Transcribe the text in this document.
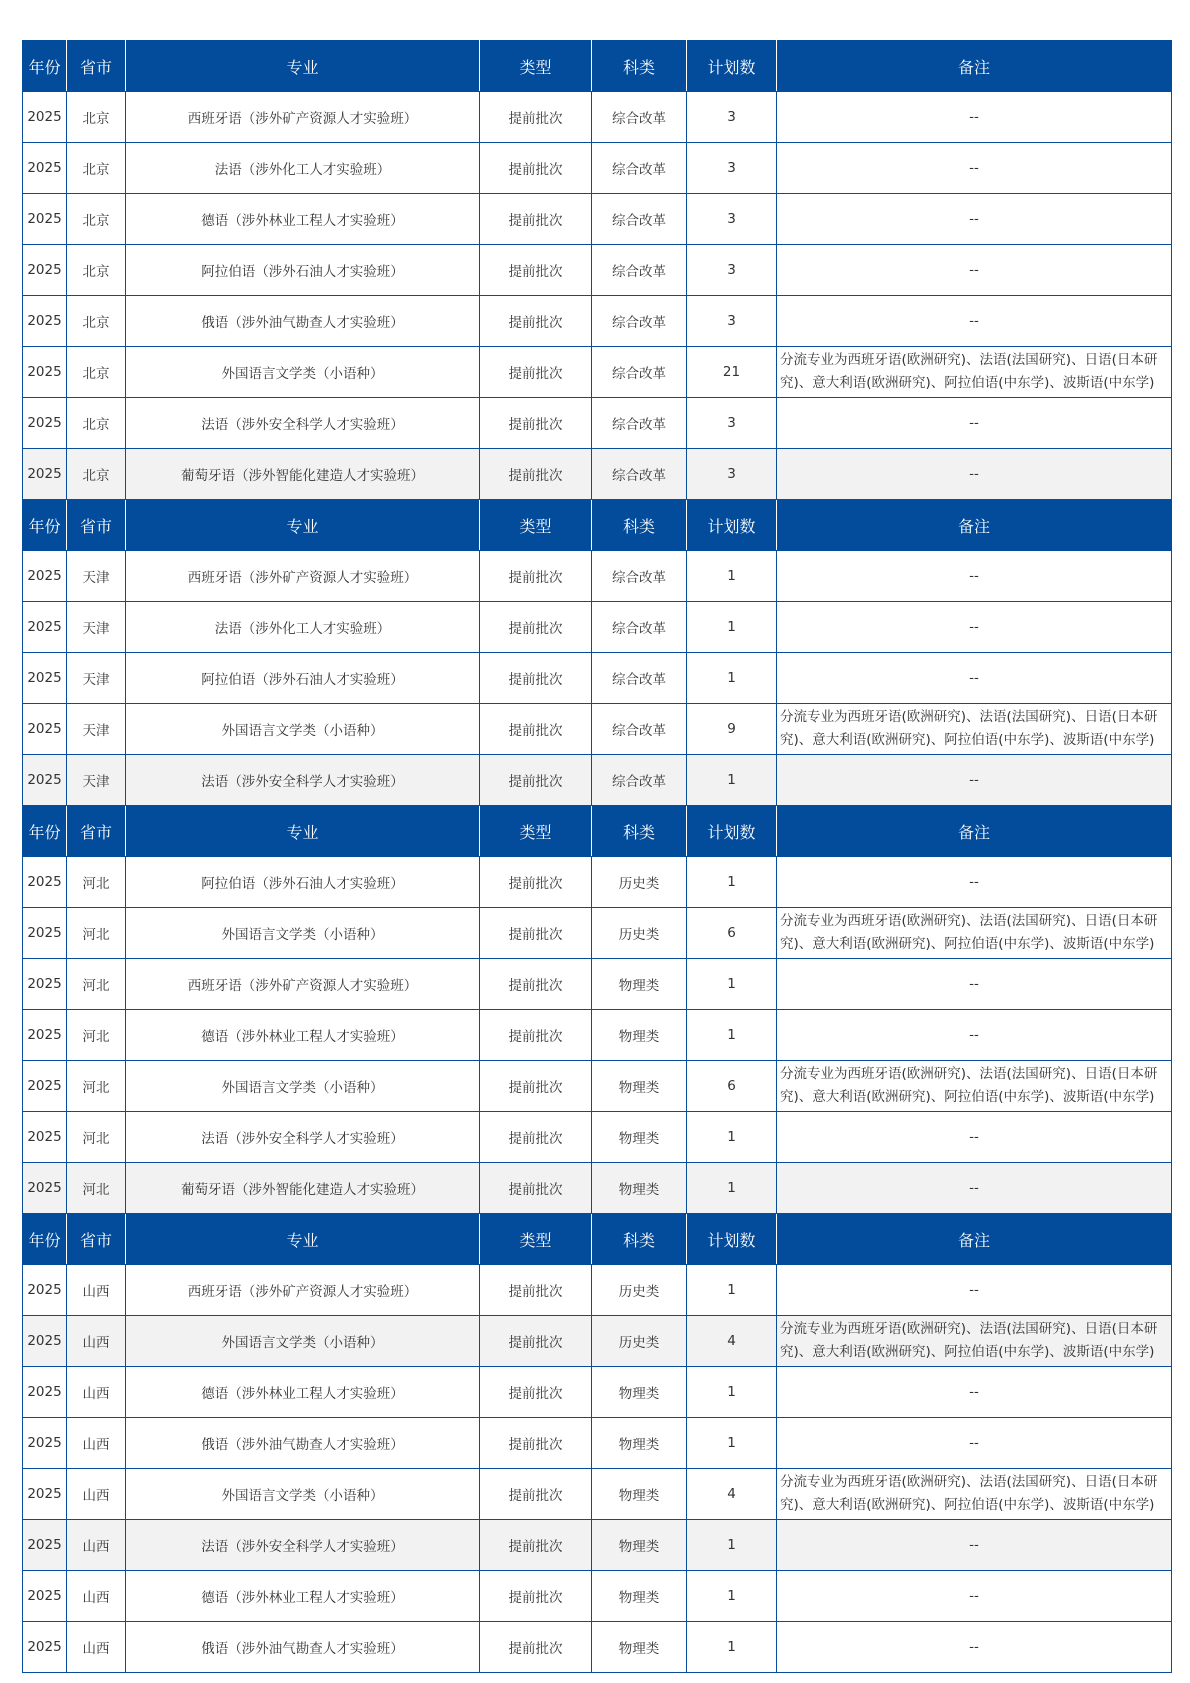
年份	省市	专业	类型	科类	计划数	备注
2025	北京	西班牙语（涉外矿产资源人才实验班）	提前批次	综合改革	3	--

2025	北京	法语（涉外化工人才实验班）	提前批次	综合改革	3	--

2025	北京	德语（涉外林业工程人才实验班）	提前批次	综合改革	3	--

2025	北京	阿拉伯语（涉外石油人才实验班）	提前批次	综合改革	3	--

2025	北京	俄语（涉外油气勘查人才实验班）	提前批次	综合改革	3	--

2025	北京	外国语言文学类（小语种）	提前批次	综合改革	21	分流专业为西班牙语(欧洲研究)、法语(法国研究)、日语(日本研究)、意大利语(欧洲研究)、阿拉伯语(中东学)、波斯语(中东学)

2025	北京	法语（涉外安全科学人才实验班）	提前批次	综合改革	3	--

2025	北京	葡萄牙语（涉外智能化建造人才实验班）	提前批次	综合改革	3	--

年份	省市	专业	类型	科类	计划数	备注
2025	天津	西班牙语（涉外矿产资源人才实验班）	提前批次	综合改革	1	--

2025	天津	法语（涉外化工人才实验班）	提前批次	综合改革	1	--

2025	天津	阿拉伯语（涉外石油人才实验班）	提前批次	综合改革	1	--

2025	天津	外国语言文学类（小语种）	提前批次	综合改革	9	分流专业为西班牙语(欧洲研究)、法语(法国研究)、日语(日本研究)、意大利语(欧洲研究)、阿拉伯语(中东学)、波斯语(中东学)

2025	天津	法语（涉外安全科学人才实验班）	提前批次	综合改革	1	--

年份	省市	专业	类型	科类	计划数	备注
2025	河北	阿拉伯语（涉外石油人才实验班）	提前批次	历史类	1	--

2025	河北	外国语言文学类（小语种）	提前批次	历史类	6	分流专业为西班牙语(欧洲研究)、法语(法国研究)、日语(日本研究)、意大利语(欧洲研究)、阿拉伯语(中东学)、波斯语(中东学)

2025	河北	西班牙语（涉外矿产资源人才实验班）	提前批次	物理类	1	--

2025	河北	德语（涉外林业工程人才实验班）	提前批次	物理类	1	--

2025	河北	外国语言文学类（小语种）	提前批次	物理类	6	分流专业为西班牙语(欧洲研究)、法语(法国研究)、日语(日本研究)、意大利语(欧洲研究)、阿拉伯语(中东学)、波斯语(中东学)

2025	河北	法语（涉外安全科学人才实验班）	提前批次	物理类	1	--

2025	河北	葡萄牙语（涉外智能化建造人才实验班）	提前批次	物理类	1	--

年份	省市	专业	类型	科类	计划数	备注
2025	山西	西班牙语（涉外矿产资源人才实验班）	提前批次	历史类	1	--

2025	山西	外国语言文学类（小语种）	提前批次	历史类	4	分流专业为西班牙语(欧洲研究)、法语(法国研究)、日语(日本研究)、意大利语(欧洲研究)、阿拉伯语(中东学)、波斯语(中东学)

2025	山西	德语（涉外林业工程人才实验班）	提前批次	物理类	1	--

2025	山西	俄语（涉外油气勘查人才实验班）	提前批次	物理类	1	--

2025	山西	外国语言文学类（小语种）	提前批次	物理类	4	分流专业为西班牙语(欧洲研究)、法语(法国研究)、日语(日本研究)、意大利语(欧洲研究)、阿拉伯语(中东学)、波斯语(中东学)

2025	山西	法语（涉外安全科学人才实验班）	提前批次	物理类	1	--

2025	山西	德语（涉外林业工程人才实验班）	提前批次	物理类	1	--

2025	山西	俄语（涉外油气勘查人才实验班）	提前批次	物理类	1	--
